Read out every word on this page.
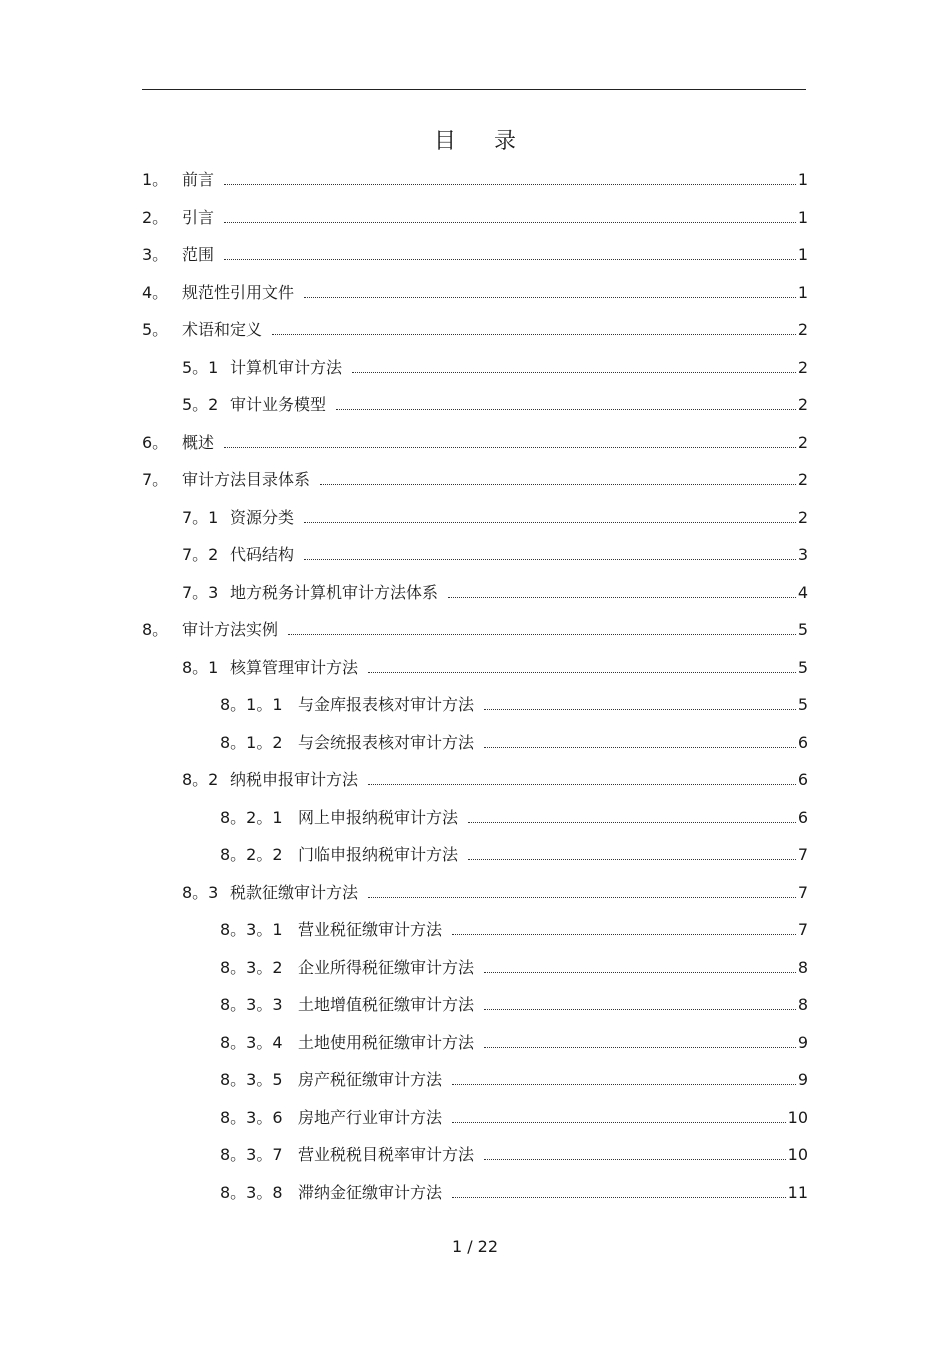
目 录
1。 前言	1
2。 引言	1
3。 范围	1
4。 规范性引用文件	1
5。 术语和定义	2
5。1 计算机审计方法	2
5。2 审计业务模型	2
6。 概述	2
7。 审计方法目录体系	2
7。1 资源分类	2
7。2 代码结构	3
7。3 地方税务计算机审计方法体系	4
8。 审计方法实例	5
8。1 核算管理审计方法	5
8。1。1 与金库报表核对审计方法	5
8。1。2 与会统报表核对审计方法	6
8。2 纳税申报审计方法	6
8。2。1 网上申报纳税审计方法	6
8。2。2 门临申报纳税审计方法	7
8。3 税款征缴审计方法	7
8。3。1 营业税征缴审计方法	7
8。3。2 企业所得税征缴审计方法	8
8。3。3 土地增值税征缴审计方法	8
8。3。4 土地使用税征缴审计方法	9
8。3。5 房产税征缴审计方法	9
8。3。6 房地产行业审计方法	10
8。3。7 营业税税目税率审计方法	10
8。3。8 滞纳金征缴审计方法	11
1 / 22
